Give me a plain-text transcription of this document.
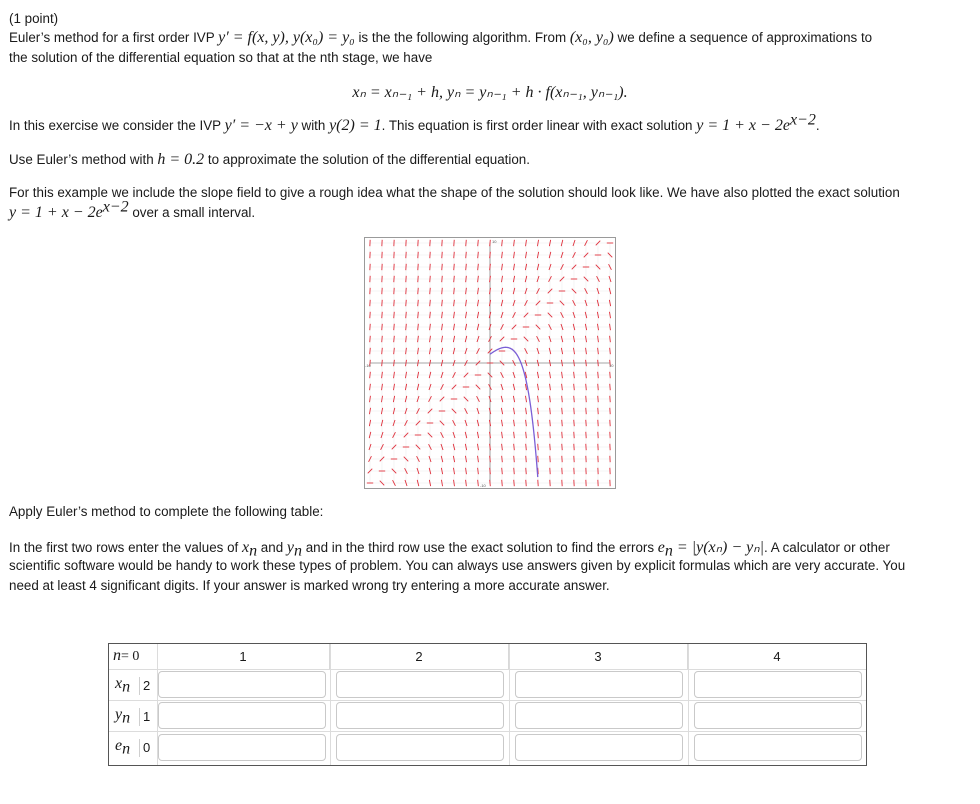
(1 point)
Euler’s method for a first order IVP y′ = f(x, y), y(x₀) = y₀ is the the following algorithm. From (x₀, y₀) we define a sequence of approximations to
the solution of the differential equation so that at the nth stage, we have
xₙ = xₙ₋₁ + h, yₙ = yₙ₋₁ + h · f(xₙ₋₁, yₙ₋₁).
In this exercise we consider the IVP y′ = −x + y with y(2) = 1. This equation is first order linear with exact solution $y = 1 + x - 2e^{x-2}$.
Use Euler’s method with h = 0.2 to approximate the solution of the differential equation.
For this example we include the slope field to give a rough idea what the shape of the solution should look like. We have also plotted the exact solution
$y = 1 + x - 2e^{x-2}$ over a small interval.
10
-10
-10	10
Apply Euler’s method to complete the following table:
In the first two rows enter the values of $x_n$ and $y_n$ and in the third row use the exact solution to find the errors $e_n = |y(x_n) - y_n|$. A calculator or other
scientific software would be handy to work these types of problem. You can always use answers given by explicit formulas which are very accurate. You
need at least 4 significant digits. If your answer is marked wrong try entering a more accurate answer.
n= 0	1	2	3	4
$x_n$ 2
$y_n$ 1
$e_n$ 0
